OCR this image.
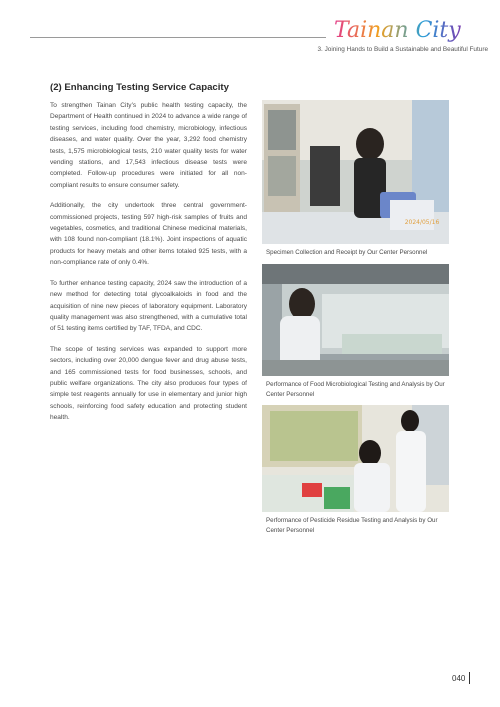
Tainan City
3. Joining Hands to Build a Sustainable and Beautiful Future
(2) Enhancing Testing Service Capacity

To strengthen Tainan City’s public health testing capacity, the Department of Health continued in 2024 to advance a wide range of testing services, including food chemistry, microbiology, infectious diseases, and water quality. Over the year, 3,292 food chemistry tests, 1,575 microbiological tests, 210 water quality tests for water vending stations, and 17,543 infectious disease tests were completed. Follow-up procedures were initiated for all non-compliant results to ensure consumer safety.

Additionally, the city undertook three central government-commissioned projects, testing 597 high-risk samples of fruits and vegetables, cosmetics, and traditional Chinese medicinal materials, with 108 found non-compliant (18.1%). Joint inspections of aquatic products for heavy metals and other items totaled 925 tests, with a non-compliance rate of only 0.4%.

To further enhance testing capacity, 2024 saw the introduction of a new method for detecting total glycoalkaloids in food and the acquisition of nine new pieces of laboratory equipment. Laboratory quality management was also strengthened, with a cumulative total of 51 testing items certified by TAF, TFDA, and CDC.

The scope of testing services was expanded to support more sectors, including over 20,000 dengue fever and drug abuse tests, and 165 commissioned tests for food businesses, schools, and public welfare organizations. The city also produces four types of simple test reagents annually for use in elementary and junior high schools, reinforcing food safety education and protecting student health.

2024/05/16
Specimen Collection and Receipt by Our Center Personnel
Performance of Food Microbiological Testing and Analysis by Our Center Personnel
Performance of Pesticide Residue Testing and Analysis by Our Center Personnel
040
